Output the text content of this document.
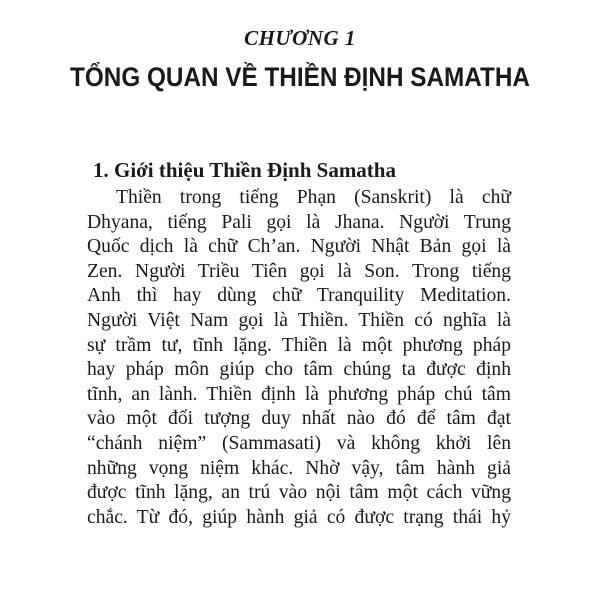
CHƯƠNG 1
TỔNG QUAN VỀ THIỀN ĐỊNH SAMATHA
1. Giới thiệu Thiền Định Samatha
Thiền trong tiếng Phạn (Sanskrit) là chữ
Dhyana, tiếng Pali gọi là Jhana. Người Trung
Quốc dịch là chữ Ch’an. Người Nhật Bản gọi là
Zen. Người Triều Tiên gọi là Son. Trong tiếng
Anh thì hay dùng chữ Tranquility Meditation.
Người Việt Nam gọi là Thiền. Thiền có nghĩa là
sự trầm tư, tĩnh lặng. Thiền là một phương pháp
hay pháp môn giúp cho tâm chúng ta được định
tĩnh, an lành. Thiền định là phương pháp chú tâm
vào một đối tượng duy nhất nào đó để tâm đạt
“chánh niệm” (Sammasati) và không khởi lên
những vọng niệm khác. Nhờ vậy, tâm hành giả
được tĩnh lặng, an trú vào nội tâm một cách vững
chắc. Từ đó, giúp hành giả có được trạng thái hỷ
